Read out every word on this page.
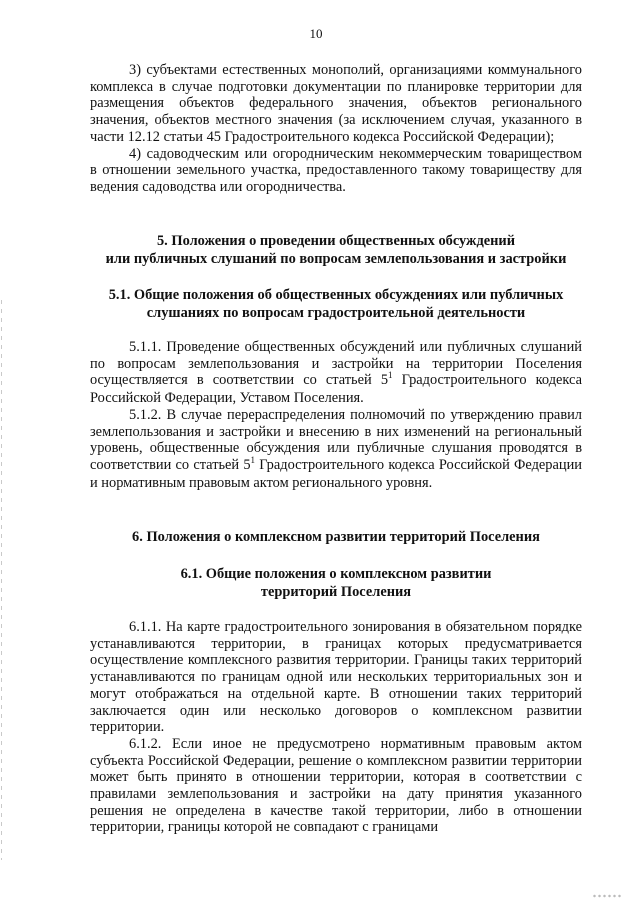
10

3) субъектами естественных монополий, организациями коммунального комплекса в случае подготовки документации по планировке территории для размещения объектов федерального значения, объектов регионального значения, объектов местного значения (за исключением случая, указанного в части 12.12 статьи 45 Градостроительного кодекса Российской Федерации);

4) садоводческим или огородническим некоммерческим товариществом в отношении земельного участка, предоставленного такому товариществу для ведения садоводства или огородничества.

5. Положения о проведении общественных обсуждений
или публичных слушаний по вопросам землепользования и застройки

5.1. Общие положения об общественных обсуждениях или публичных
слушаниях по вопросам градостроительной деятельности

5.1.1. Проведение общественных обсуждений или публичных слушаний по вопросам землепользования и застройки на территории Поселения осуществляется в соответствии со статьей $5^1$ Градостроительного кодекса Российской Федерации, Уставом Поселения.

5.1.2. В случае перераспределения полномочий по утверждению правил землепользования и застройки и внесению в них изменений на региональный уровень, общественные обсуждения или публичные слушания проводятся в соответствии со статьей $5^1$ Градостроительного кодекса Российской Федерации и нормативным правовым актом регионального уровня.

6. Положения о комплексном развитии территорий Поселения

6.1. Общие положения о комплексном развитии
территорий Поселения

6.1.1. На карте градостроительного зонирования в обязательном порядке устанавливаются территории, в границах которых предусматривается осуществление комплексного развития территории. Границы таких территорий устанавливаются по границам одной или нескольких территориальных зон и могут отображаться на отдельной карте. В отношении таких территорий заключается один или несколько договоров о комплексном развитии территории.

6.1.2. Если иное не предусмотрено нормативным правовым актом субъекта Российской Федерации, решение о комплексном развитии территории может быть принято в отношении территории, которая в соответствии с правилами землепользования и застройки на дату принятия указанного решения не определена в качестве такой территории, либо в отношении территории, границы которой не совпадают с границами
